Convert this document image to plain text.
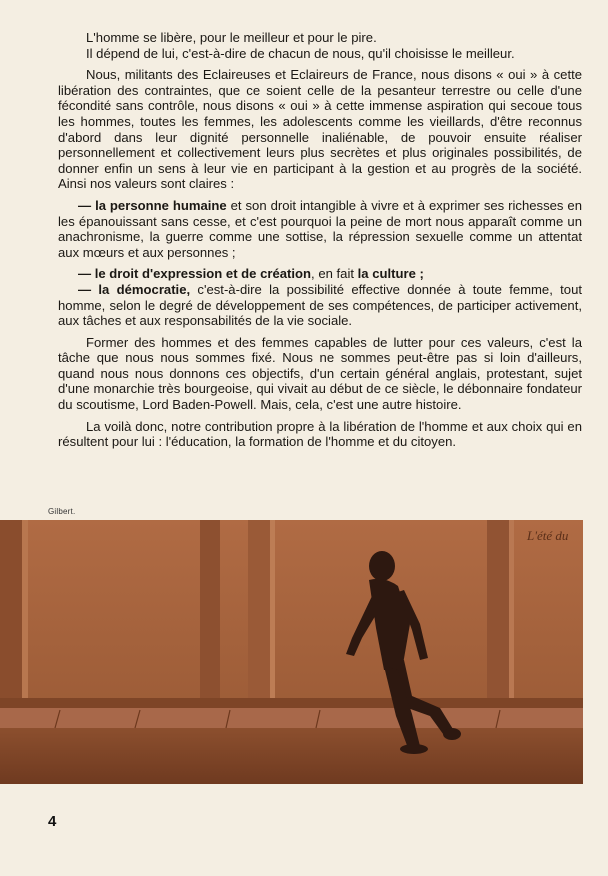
L'homme se libère, pour le meilleur et pour le pire.

Il dépend de lui, c'est-à-dire de chacun de nous, qu'il choisisse le meilleur.

Nous, militants des Eclaireuses et Eclaireurs de France, nous disons « oui » à cette libération des contraintes, que ce soient celle de la pesanteur terrestre ou celle d'une fécondité sans contrôle, nous disons « oui » à cette immense aspiration qui secoue tous les hommes, toutes les femmes, les adolescents comme les vieillards, d'être reconnus d'abord dans leur dignité personnelle inaliénable, de pouvoir ensuite réaliser personnellement et collectivement leurs plus secrètes et plus originales possibilités, de donner enfin un sens à leur vie en participant à la gestion et au progrès de la société. Ainsi nos valeurs sont claires :

— la personne humaine et son droit intangible à vivre et à exprimer ses richesses en les épanouissant sans cesse, et c'est pourquoi la peine de mort nous apparaît comme un anachronisme, la guerre comme une sottise, la répression sexuelle comme un attentat aux mœurs et aux personnes ;

— le droit d'expression et de création, en fait la culture ;

— la démocratie, c'est-à-dire la possibilité effective donnée à toute femme, tout homme, selon le degré de développement de ses compétences, de participer activement, aux tâches et aux responsabilités de la vie sociale.

Former des hommes et des femmes capables de lutter pour ces valeurs, c'est la tâche que nous nous sommes fixé. Nous ne sommes peut-être pas si loin d'ailleurs, quand nous nous donnons ces objectifs, d'un certain général anglais, protestant, sujet d'une monarchie très bourgeoise, qui vivait au début de ce siècle, le débonnaire fondateur du scoutisme, Lord Baden-Powell. Mais, cela, c'est une autre histoire.

La voilà donc, notre contribution propre à la libération de l'homme et aux choix qui en résultent pour lui : l'éducation, la formation de l'homme et du citoyen.

Gilbert.
L'été du
4
